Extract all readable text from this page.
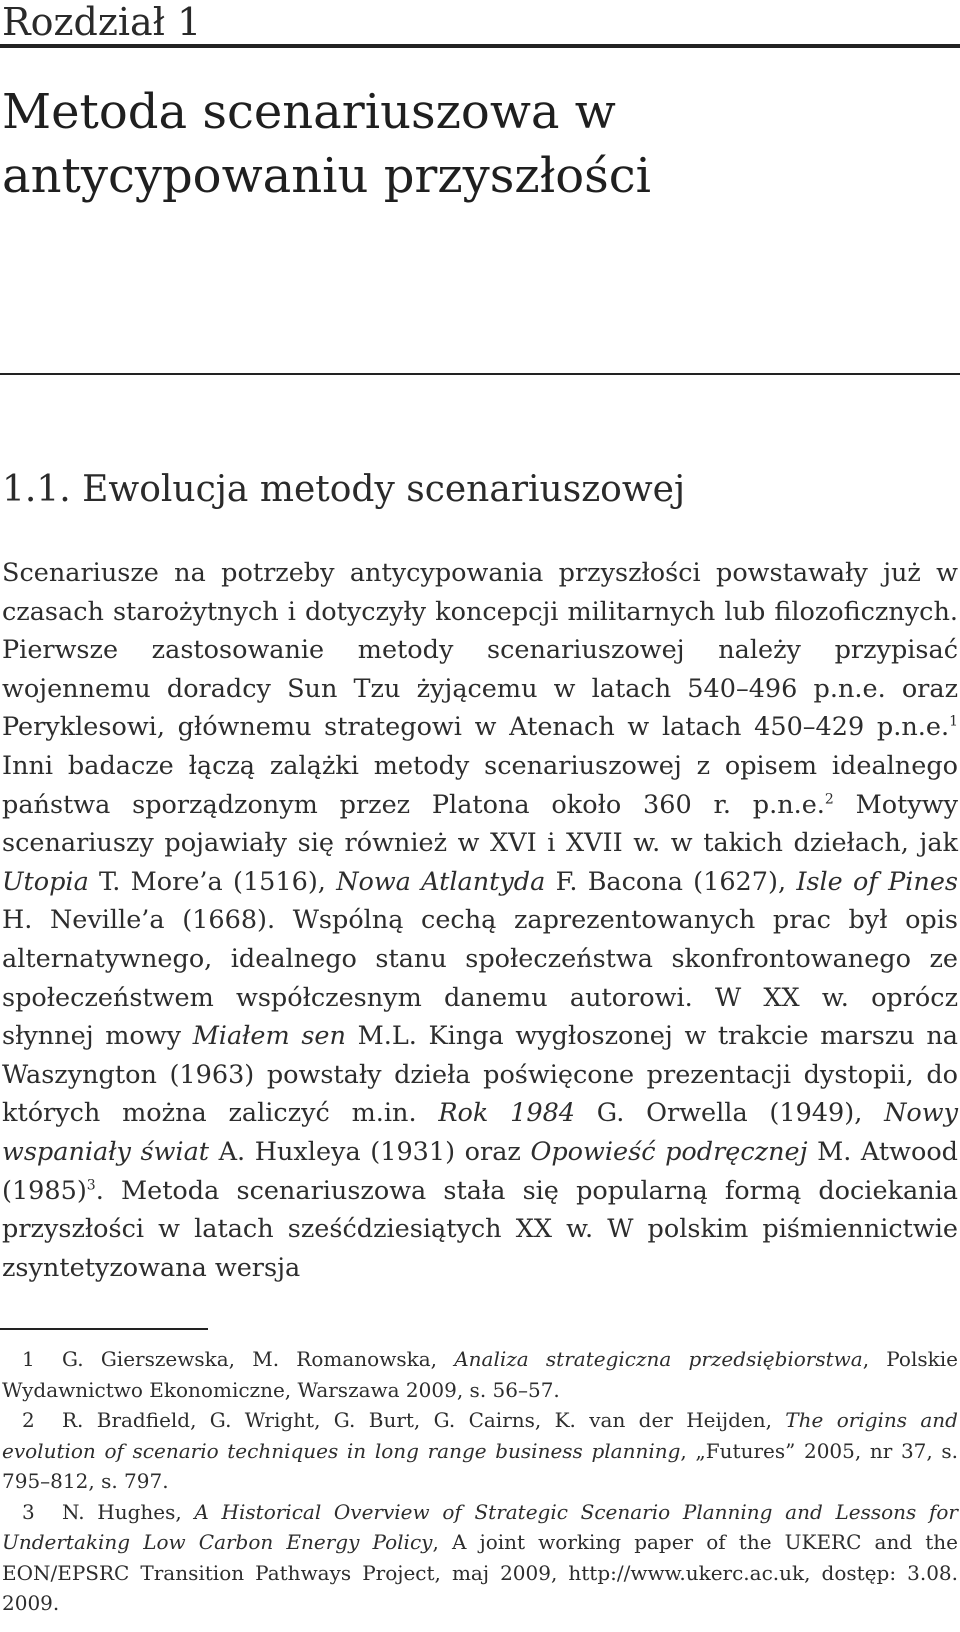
Rozdział 1
Metoda scenariuszowa w antycypowaniu przyszłości
1.1. Ewolucja metody scenariuszowej

Scenariusze na potrzeby antycypowania przyszłości powstawały już w czasach starożytnych i dotyczyły koncepcji militarnych lub filozoficznych. Pierwsze zastosowanie metody scenariuszowej należy przypisać wojennemu doradcy Sun Tzu żyjącemu w latach 540–496 p.n.e. oraz Peryklesowi, głównemu strategowi w Atenach w latach 450–429 p.n.e.$^1$ Inni badacze łączą zalążki metody scenariuszowej z opisem idealnego państwa sporządzonym przez Platona około 360 r. p.n.e.$^2$ Motywy scenariuszy pojawiały się również w XVI i XVII w. w takich dziełach, jak Utopia T. More’a (1516), Nowa Atlantyda F. Bacona (1627), Isle of Pines H. Neville’a (1668). Wspólną cechą zaprezentowanych prac był opis alternatywnego, idealnego stanu społeczeństwa skonfrontowanego ze społeczeństwem współczesnym danemu autorowi. W XX w. oprócz słynnej mowy Miałem sen M.L. Kinga wygłoszonej w trakcie marszu na Waszyngton (1963) powstały dzieła poświęcone prezentacji dystopii, do których można zaliczyć m.in. Rok 1984 G. Orwella (1949), Nowy wspaniały świat A. Huxleya (1931) oraz Opowieść podręcznej M. Atwood $(1985)^3$. Metoda scenariuszowa stała się popularną formą dociekania przyszłości w latach sześćdziesiątych XX w. W polskim piśmiennictwie zsyntetyzowana wersja

1 G. Gierszewska, M. Romanowska, Analiza strategiczna przedsiębiorstwa, Polskie Wydawnictwo Ekonomiczne, Warszawa 2009, s. 56–57.

2 R. Bradfield, G. Wright, G. Burt, G. Cairns, K. van der Heijden, The origins and evolution of scenario techniques in long range business planning, „Futures” 2005, nr 37, s. 795–812, s. 797.

3 N. Hughes, A Historical Overview of Strategic Scenario Planning and Lessons for Undertaking Low Carbon Energy Policy, A joint working paper of the UKERC and the EON/EPSRC Transition Pathways Project, maj 2009, http://www.ukerc.ac.uk, dostęp: 3.08. 2009.
